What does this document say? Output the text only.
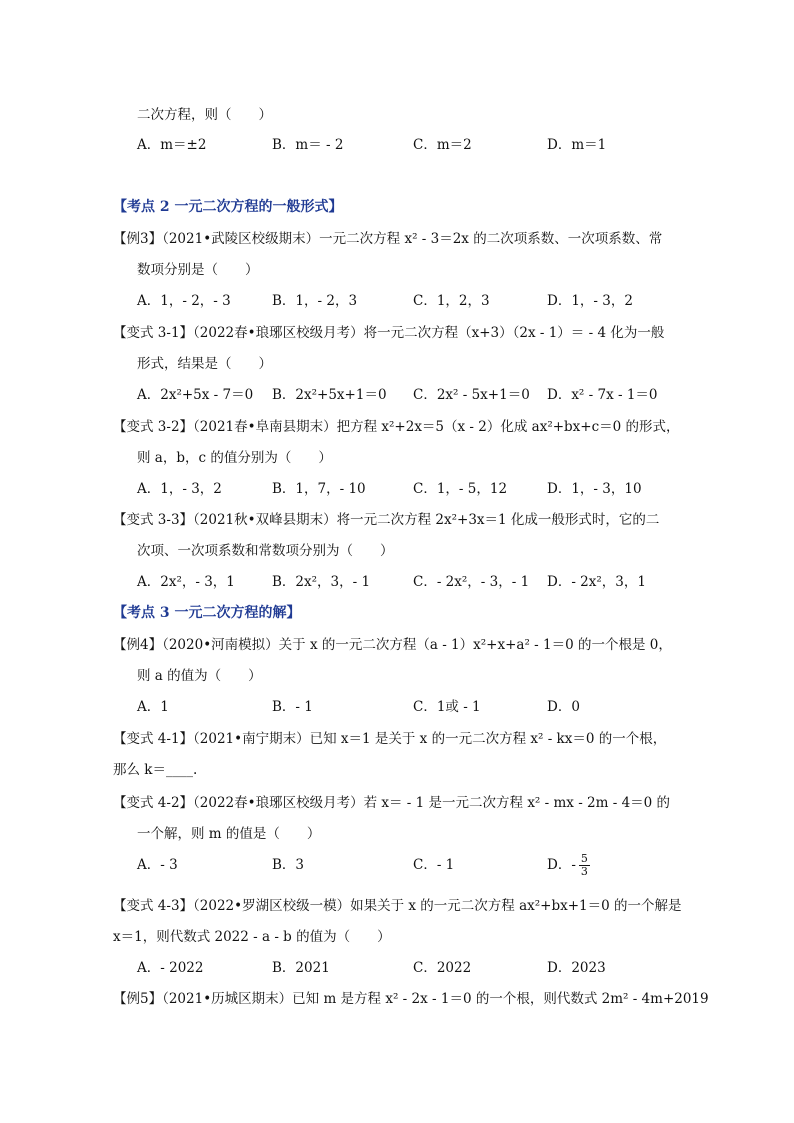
二次方程，则（　　）
A．m＝±2	B．m＝ - 2	C．m＝2	D．m＝1
【考点 2 一元二次方程的一般形式】
【例3】（2021•武陵区校级期末）一元二次方程 x² - 3＝2x 的二次项系数、一次项系数、常
数项分别是（　　）
A．1，- 2，- 3	B．1，- 2，3	C．1，2，3	D．1，- 3，2
【变式 3-1】（2022春•琅琊区校级月考）将一元二次方程（x+3）（2x - 1）＝ - 4 化为一般
形式，结果是（　　）
A．2x²+5x - 7＝0 B．2x²+5x+1＝0 C．2x² - 5x+1＝0 D．x² - 7x - 1＝0
【变式 3-2】（2021春•阜南县期末）把方程 x²+2x＝5（x - 2）化成 ax²+bx+c＝0 的形式，
则 a，b，c 的值分别为（　　）
A．1，- 3，2	B．1，7，- 10	C．1，- 5，12	D．1，- 3，10
【变式 3-3】（2021秋•双峰县期末）将一元二次方程 2x²+3x＝1 化成一般形式时，它的二
次项、一次项系数和常数项分别为（　　）
A．2x²，- 3，1	B．2x²，3，- 1	C．- 2x²，- 3，- 1 D．- 2x²，3，1
【考点 3 一元二次方程的解】
【例4】（2020•河南模拟）关于 x 的一元二次方程（a - 1）x²+x+a² - 1＝0 的一个根是 0，
则 a 的值为（　　）
A．1	B．- 1	C．1或 - 1	D．0
【变式 4-1】（2021•南宁期末）已知 x＝1 是关于 x 的一元二次方程 x² - kx＝0 的一个根，
那么 k＝____.
【变式 4-2】（2022春•琅琊区校级月考）若 x＝ - 1 是一元二次方程 x² - mx - 2m - 4＝0 的
一个解，则 m 的值是（　　）
A．- 3	B．3	C．- 1	D．- $\frac{5}{3}$
【变式 4-3】（2022•罗湖区校级一模）如果关于 x 的一元二次方程 ax²+bx+1＝0 的一个解是
x＝1，则代数式 2022 - a - b 的值为（　　）
A．- 2022	B．2021	C．2022	D．2023
【例5】（2021•历城区期末）已知 m 是方程 x² - 2x - 1＝0 的一个根，则代数式 2m² - 4m+2019
